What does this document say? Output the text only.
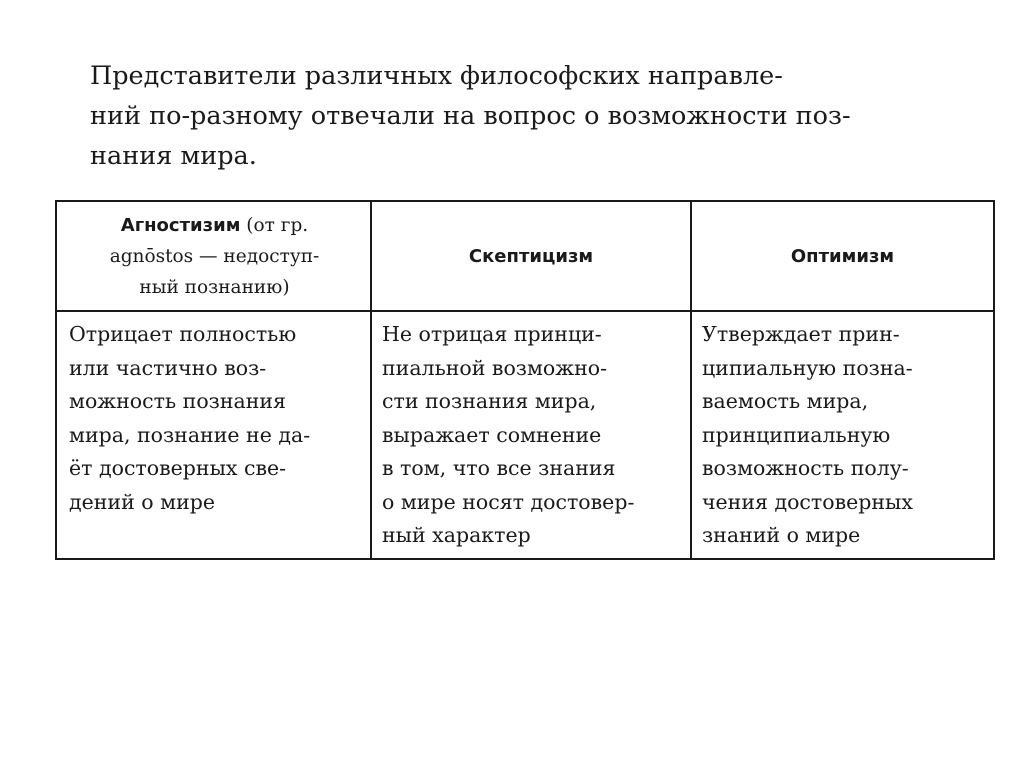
Представители различных философских направле-
ний по-разному отвечали на вопрос о возможности поз-
нания мира.
Агностизим (от гр.
agnōstos — недоступ-
ный познанию)
Скептицизм	Оптимизм
Отрицает полностью
или частично воз-
можность познания
мира, познание не да-
ёт достоверных све-
дений о мире
Не отрицая принци-
пиальной возможно-
сти познания мира,
выражает сомнение
в том, что все знания
о мире носят достовер-
ный характер
Утверждает прин-
ципиальную позна-
ваемость мира,
принципиальную
возможность полу-
чения достоверных
знаний о мире
